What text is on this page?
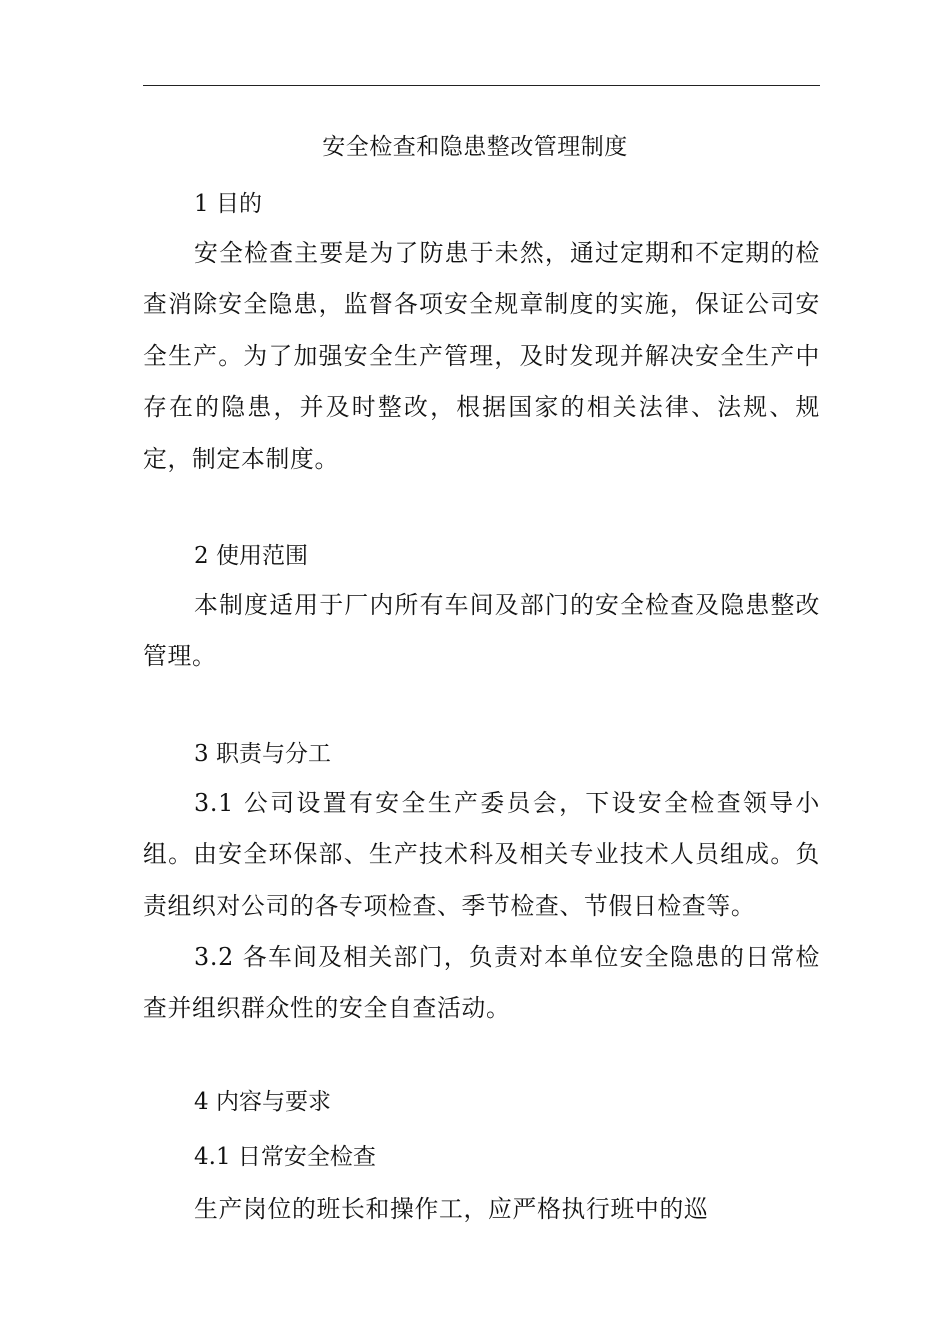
安全检查和隐患整改管理制度
1 目的
安全检查主要是为了防患于未然，通过定期和不定期的检查消除安全隐患，监督各项安全规章制度的实施，保证公司安全生产。为了加强安全生产管理，及时发现并解决安全生产中存在的隐患，并及时整改，根据国家的相关法律、法规、规定，制定本制度。
2 使用范围
本制度适用于厂内所有车间及部门的安全检查及隐患整改管理。
3 职责与分工
3.1 公司设置有安全生产委员会，下设安全检查领导小组。由安全环保部、生产技术科及相关专业技术人员组成。负责组织对公司的各专项检查、季节检查、节假日检查等。
3.2 各车间及相关部门，负责对本单位安全隐患的日常检查并组织群众性的安全自查活动。
4 内容与要求
4.1 日常安全检查
生产岗位的班长和操作工，应严格执行班中的巡
